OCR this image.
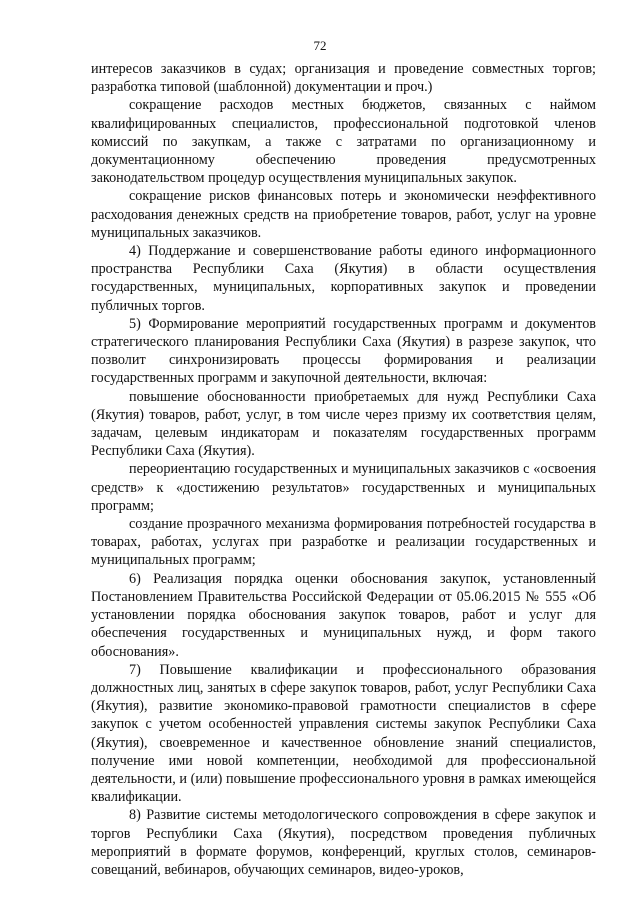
72

интересов заказчиков в судах; организация и проведение совместных торгов; разработка типовой (шаблонной) документации и проч.)

сокращение расходов местных бюджетов, связанных с наймом квалифицированных специалистов, профессиональной подготовкой членов комиссий по закупкам, а также с затратами по организационному и документационному обеспечению проведения предусмотренных законодательством процедур осуществления муниципальных закупок.

сокращение рисков финансовых потерь и экономически неэффективного расходования денежных средств на приобретение товаров, работ, услуг на уровне муниципальных заказчиков.

4) Поддержание и совершенствование работы единого информационного пространства Республики Саха (Якутия) в области осуществления государственных, муниципальных, корпоративных закупок и проведении публичных торгов.

5) Формирование мероприятий государственных программ и документов стратегического планирования Республики Саха (Якутия) в разрезе закупок, что позволит синхронизировать процессы формирования и реализации государственных программ и закупочной деятельности, включая:

повышение обоснованности приобретаемых для нужд Республики Саха (Якутия) товаров, работ, услуг, в том числе через призму их соответствия целям, задачам, целевым индикаторам и показателям государственных программ Республики Саха (Якутия).

переориентацию государственных и муниципальных заказчиков с «освоения средств» к «достижению результатов» государственных и муниципальных программ;

создание прозрачного механизма формирования потребностей государства в товарах, работах, услугах при разработке и реализации государственных и муниципальных программ;

6) Реализация порядка оценки обоснования закупок, установленный Постановлением Правительства Российской Федерации от 05.06.2015 № 555 «Об установлении порядка обоснования закупок товаров, работ и услуг для обеспечения государственных и муниципальных нужд, и форм такого обоснования».

7) Повышение квалификации и профессионального образования должностных лиц, занятых в сфере закупок товаров, работ, услуг Республики Саха (Якутия), развитие экономико-правовой грамотности специалистов в сфере закупок с учетом особенностей управления системы закупок Республики Саха (Якутия), своевременное и качественное обновление знаний специалистов, получение ими новой компетенции, необходимой для профессиональной деятельности, и (или) повышение профессионального уровня в рамках имеющейся квалификации.

8) Развитие системы методологического сопровождения в сфере закупок и торгов Республики Саха (Якутия), посредством проведения публичных мероприятий в формате форумов, конференций, круглых столов, семинаров-совещаний, вебинаров, обучающих семинаров, видео-уроков,
